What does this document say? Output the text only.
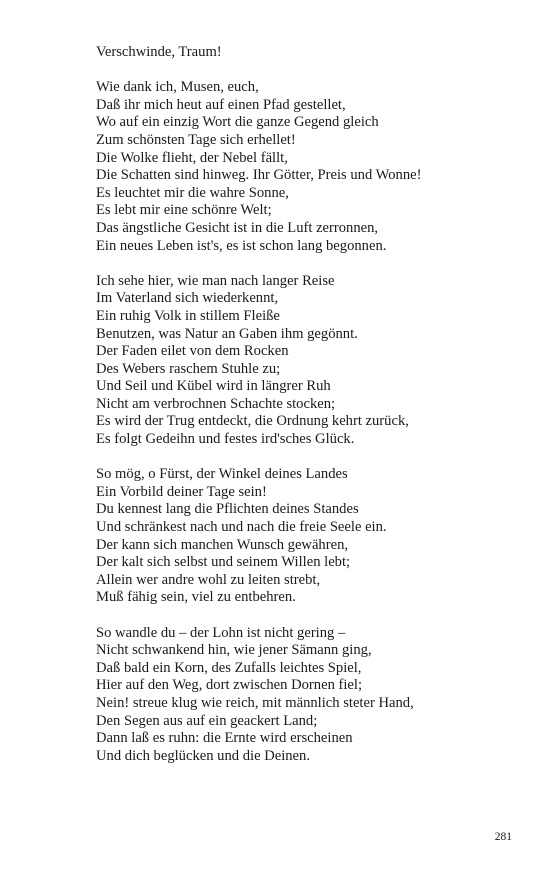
Verschwinde, Traum!
Wie dank ich, Musen, euch,
Daß ihr mich heut auf einen Pfad gestellet,
Wo auf ein einzig Wort die ganze Gegend gleich
Zum schönsten Tage sich erhellet!
Die Wolke flieht, der Nebel fällt,
Die Schatten sind hinweg. Ihr Götter, Preis und Wonne!
Es leuchtet mir die wahre Sonne,
Es lebt mir eine schönre Welt;
Das ängstliche Gesicht ist in die Luft zerronnen,
Ein neues Leben ist's, es ist schon lang begonnen.
Ich sehe hier, wie man nach langer Reise
Im Vaterland sich wiederkennt,
Ein ruhig Volk in stillem Fleiße
Benutzen, was Natur an Gaben ihm gegönnt.
Der Faden eilet von dem Rocken
Des Webers raschem Stuhle zu;
Und Seil und Kübel wird in längrer Ruh
Nicht am verbrochnen Schachte stocken;
Es wird der Trug entdeckt, die Ordnung kehrt zurück,
Es folgt Gedeihn und festes ird'sches Glück.
So mög, o Fürst, der Winkel deines Landes
Ein Vorbild deiner Tage sein!
Du kennest lang die Pflichten deines Standes
Und schränkest nach und nach die freie Seele ein.
Der kann sich manchen Wunsch gewähren,
Der kalt sich selbst und seinem Willen lebt;
Allein wer andre wohl zu leiten strebt,
Muß fähig sein, viel zu entbehren.
So wandle du – der Lohn ist nicht gering –
Nicht schwankend hin, wie jener Sämann ging,
Daß bald ein Korn, des Zufalls leichtes Spiel,
Hier auf den Weg, dort zwischen Dornen fiel;
Nein! streue klug wie reich, mit männlich steter Hand,
Den Segen aus auf ein geackert Land;
Dann laß es ruhn: die Ernte wird erscheinen
Und dich beglücken und die Deinen.
281
